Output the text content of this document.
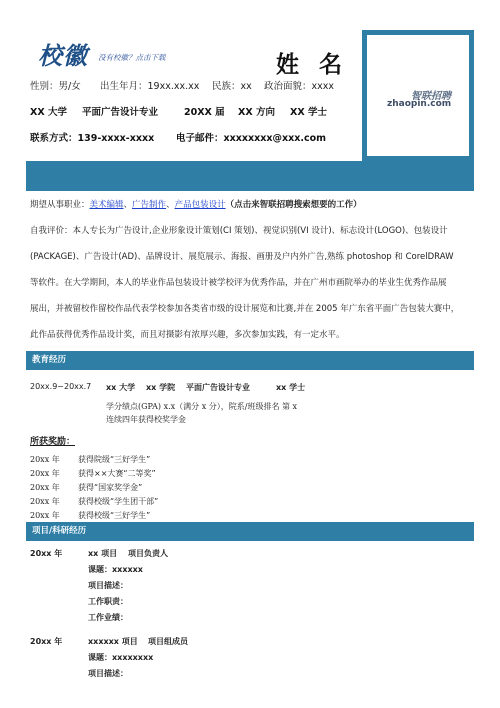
校徽 没有校徽？点击下载	姓 名
性别：男/女 出生年月：19xx.xx.xx 民族：xx 政治面貌：xxxx
XX 大学 平面广告设计专业	20XX 届 XX 方向 XX 学士
联系方式：139-xxxx-xxxx 电子邮件：xxxxxxxx@xxx.com
智联招聘
zhaopin.com
期望从事职业：美术编辑、广告制作、产品包装设计（点击来智联招聘搜索想要的工作）
自我评价：本人专长为广告设计,企业形象设计策划(CI 策划)、视觉识别(VI 设计)、标志设计(LOGO)、包装设计
(PACKAGE)、广告设计(AD)、品牌设计、展览展示、海报、画册及户内外广告,熟练 photoshop 和 CorelDRAW
等软件。在大学期间，本人的毕业作品包装设计被学校评为优秀作品，并在广州市画院举办的毕业生优秀作品展
展出，并被留校作留校作品代表学校参加各类省市级的设计展览和比赛,并在 2005 年广东省平面广告包装大赛中，
此作品获得优秀作品设计奖，而且对摄影有浓厚兴趣，多次参加实践，有一定水平。
教育经历
20xx.9~20xx.7 xx 大学 xx 学院 平面广告设计专业	xx 学士
学分绩点(GPA) x.x（满分 x 分），院系/班级排名 第 x
连续四年获得校奖学金
所获奖励：
20xx 年 获得院级“三好学生”
20xx 年 获得××大赛“二等奖”
20xx 年 获得“国家奖学金”
20xx 年 获得校级“学生团干部”
20xx 年 获得校级“三好学生”
项目/科研经历
20xx 年	xx 项目 项目负责人
课题：xxxxxx
项目描述：
工作职责：
工作业绩：
20xx 年	xxxxxx 项目 项目组成员
课题：xxxxxxxx
项目描述：
